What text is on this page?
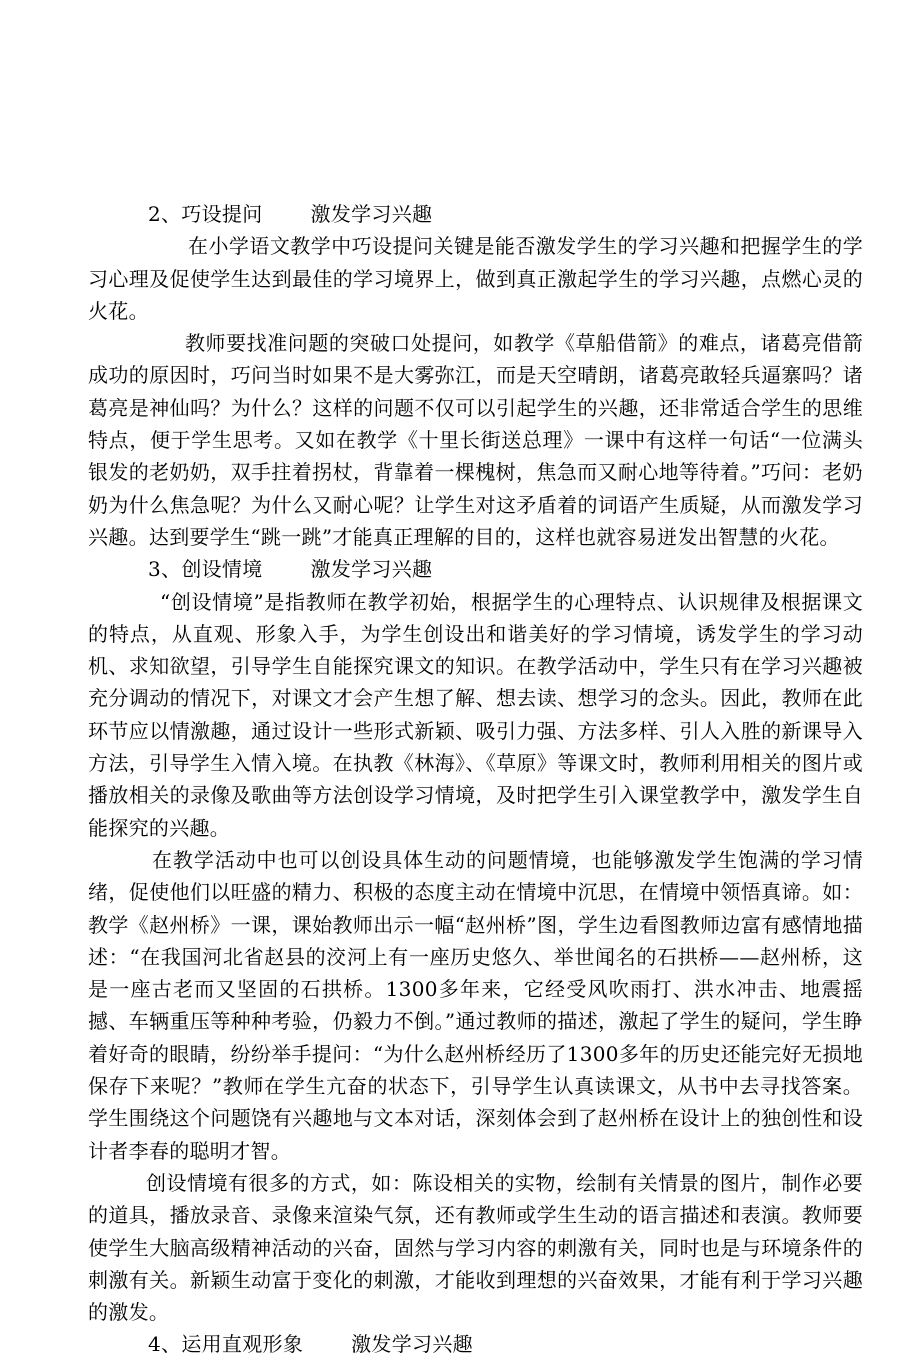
2、巧设提问 激发学习兴趣

在小学语文教学中巧设提问关键是能否激发学生的学习兴趣和把握学生的学习心理及促使学生达到最佳的学习境界上，做到真正激起学生的学习兴趣，点燃心灵的火花。

教师要找准问题的突破口处提问，如教学《草船借箭》的难点，诸葛亮借箭成功的原因时，巧问当时如果不是大雾弥江，而是天空晴朗，诸葛亮敢轻兵逼寨吗？诸葛亮是神仙吗？为什么？这样的问题不仅可以引起学生的兴趣，还非常适合学生的思维特点，便于学生思考。又如在教学《十里长街送总理》一课中有这样一句话“一位满头银发的老奶奶，双手拄着拐杖，背靠着一棵槐树，焦急而又耐心地等待着。”巧问：老奶奶为什么焦急呢？为什么又耐心呢？让学生对这矛盾着的词语产生质疑，从而激发学习兴趣。达到要学生“跳一跳”才能真正理解的目的，这样也就容易迸发出智慧的火花。

3、创设情境 激发学习兴趣

“创设情境”是指教师在教学初始，根据学生的心理特点、认识规律及根据课文的特点，从直观、形象入手，为学生创设出和谐美好的学习情境，诱发学生的学习动机、求知欲望，引导学生自能探究课文的知识。在教学活动中，学生只有在学习兴趣被充分调动的情况下，对课文才会产生想了解、想去读、想学习的念头。因此，教师在此环节应以情激趣，通过设计一些形式新颖、吸引力强、方法多样、引人入胜的新课导入方法，引导学生入情入境。在执教《林海》、《草原》等课文时，教师利用相关的图片或播放相关的录像及歌曲等方法创设学习情境，及时把学生引入课堂教学中，激发学生自能探究的兴趣。

在教学活动中也可以创设具体生动的问题情境，也能够激发学生饱满的学习情绪，促使他们以旺盛的精力、积极的态度主动在情境中沉思，在情境中领悟真谛。如：教学《赵州桥》一课，课始教师出示一幅“赵州桥”图，学生边看图教师边富有感情地描述：“在我国河北省赵县的洨河上有一座历史悠久、举世闻名的石拱桥——赵州桥，这是一座古老而又坚固的石拱桥。1300多年来，它经受风吹雨打、洪水冲击、地震摇撼、车辆重压等种种考验，仍毅力不倒。”通过教师的描述，激起了学生的疑问，学生睁着好奇的眼睛，纷纷举手提问：“为什么赵州桥经历了1300多年的历史还能完好无损地保存下来呢？”教师在学生亢奋的状态下，引导学生认真读课文，从书中去寻找答案。学生围绕这个问题饶有兴趣地与文本对话，深刻体会到了赵州桥在设计上的独创性和设计者李春的聪明才智。

创设情境有很多的方式，如：陈设相关的实物，绘制有关情景的图片，制作必要的道具，播放录音、录像来渲染气氛，还有教师或学生生动的语言描述和表演。教师要使学生大脑高级精神活动的兴奋，固然与学习内容的刺激有关，同时也是与环境条件的刺激有关。新颖生动富于变化的刺激，才能收到理想的兴奋效果，才能有利于学习兴趣的激发。

4、运用直观形象 激发学习兴趣
